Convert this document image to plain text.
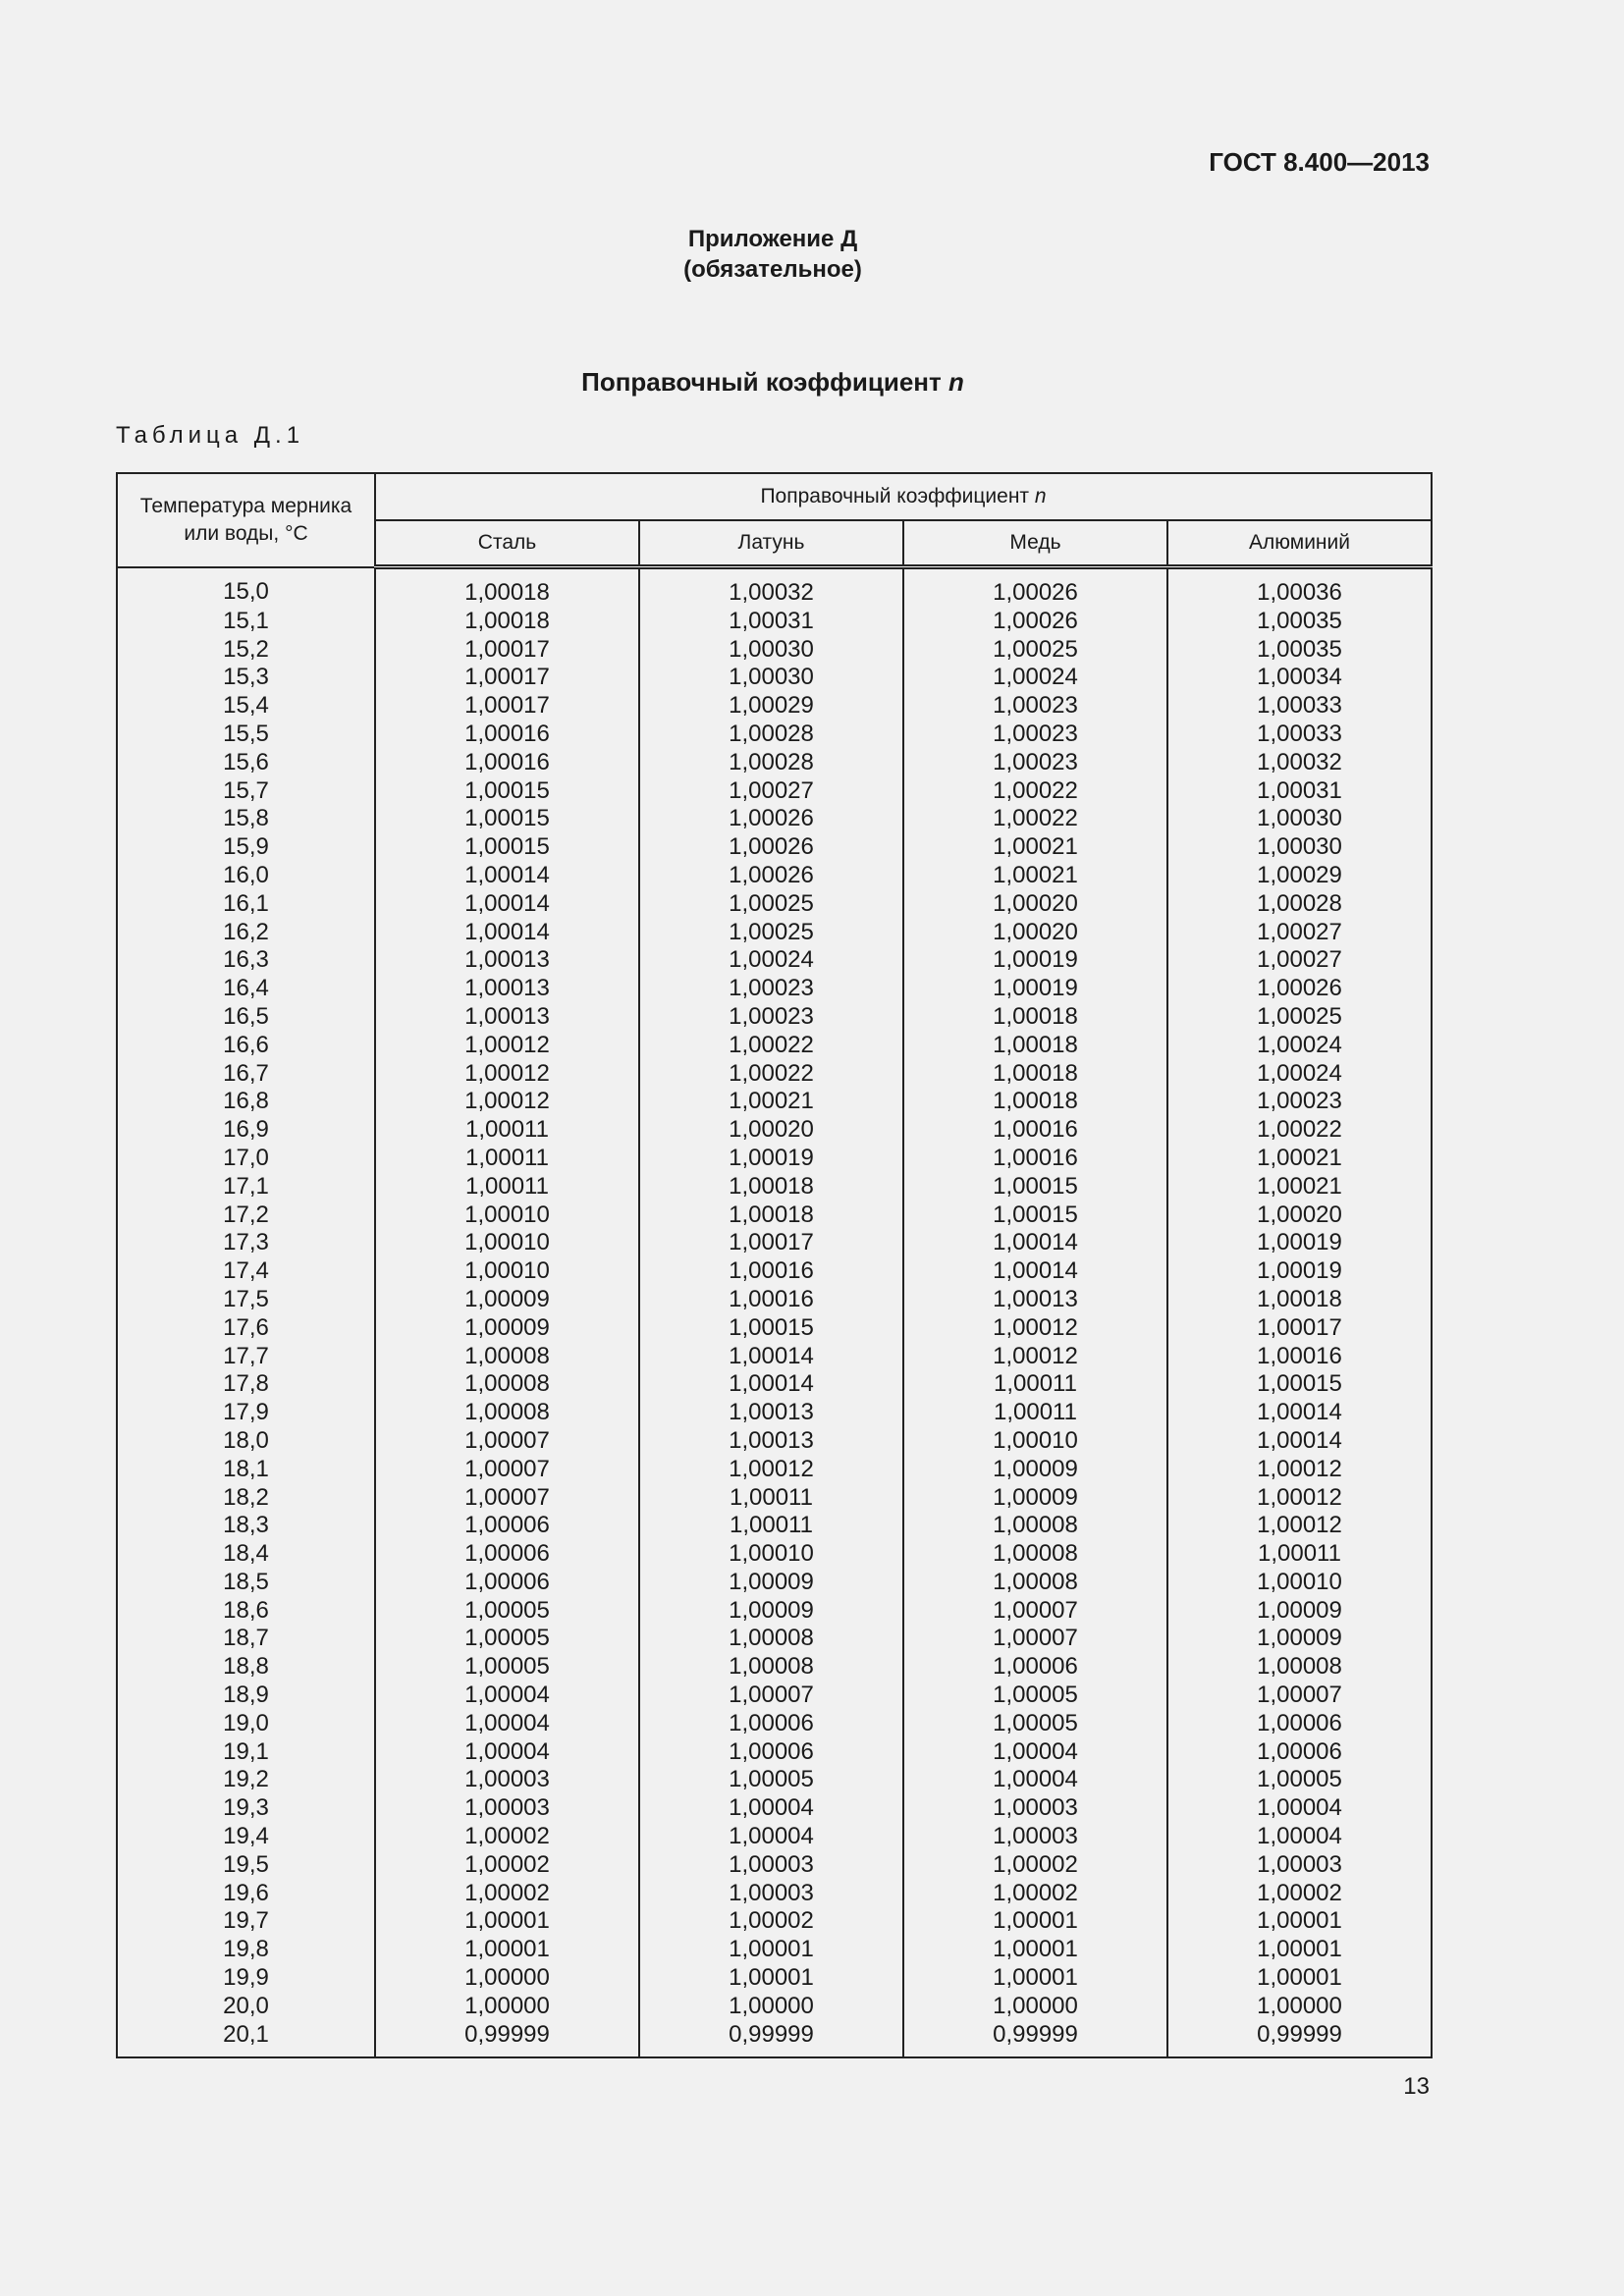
ГОСТ 8.400—2013
Приложение Д
(обязательное)
Поправочный коэффициент n
Таблица Д.1
Температура мерника
или воды, °С	Поправочный коэффициент n			
	Сталь	Латунь	Медь	Алюминий
15,0	1,00018	1,00032	1,00026	1,00036
15,1	1,00018	1,00031	1,00026	1,00035
15,2	1,00017	1,00030	1,00025	1,00035
15,3	1,00017	1,00030	1,00024	1,00034
15,4	1,00017	1,00029	1,00023	1,00033
15,5	1,00016	1,00028	1,00023	1,00033
15,6	1,00016	1,00028	1,00023	1,00032
15,7	1,00015	1,00027	1,00022	1,00031
15,8	1,00015	1,00026	1,00022	1,00030
15,9	1,00015	1,00026	1,00021	1,00030
16,0	1,00014	1,00026	1,00021	1,00029
16,1	1,00014	1,00025	1,00020	1,00028
16,2	1,00014	1,00025	1,00020	1,00027
16,3	1,00013	1,00024	1,00019	1,00027
16,4	1,00013	1,00023	1,00019	1,00026
16,5	1,00013	1,00023	1,00018	1,00025
16,6	1,00012	1,00022	1,00018	1,00024
16,7	1,00012	1,00022	1,00018	1,00024
16,8	1,00012	1,00021	1,00018	1,00023
16,9	1,00011	1,00020	1,00016	1,00022
17,0	1,00011	1,00019	1,00016	1,00021
17,1	1,00011	1,00018	1,00015	1,00021
17,2	1,00010	1,00018	1,00015	1,00020
17,3	1,00010	1,00017	1,00014	1,00019
17,4	1,00010	1,00016	1,00014	1,00019
17,5	1,00009	1,00016	1,00013	1,00018
17,6	1,00009	1,00015	1,00012	1,00017
17,7	1,00008	1,00014	1,00012	1,00016
17,8	1,00008	1,00014	1,00011	1,00015
17,9	1,00008	1,00013	1,00011	1,00014
18,0	1,00007	1,00013	1,00010	1,00014
18,1	1,00007	1,00012	1,00009	1,00012
18,2	1,00007	1,00011	1,00009	1,00012
18,3	1,00006	1,00011	1,00008	1,00012
18,4	1,00006	1,00010	1,00008	1,00011
18,5	1,00006	1,00009	1,00008	1,00010
18,6	1,00005	1,00009	1,00007	1,00009
18,7	1,00005	1,00008	1,00007	1,00009
18,8	1,00005	1,00008	1,00006	1,00008
18,9	1,00004	1,00007	1,00005	1,00007
19,0	1,00004	1,00006	1,00005	1,00006
19,1	1,00004	1,00006	1,00004	1,00006
19,2	1,00003	1,00005	1,00004	1,00005
19,3	1,00003	1,00004	1,00003	1,00004
19,4	1,00002	1,00004	1,00003	1,00004
19,5	1,00002	1,00003	1,00002	1,00003
19,6	1,00002	1,00003	1,00002	1,00002
19,7	1,00001	1,00002	1,00001	1,00001
19,8	1,00001	1,00001	1,00001	1,00001
19,9	1,00000	1,00001	1,00001	1,00001
20,0	1,00000	1,00000	1,00000	1,00000
20,1	0,99999	0,99999	0,99999	0,99999
13
